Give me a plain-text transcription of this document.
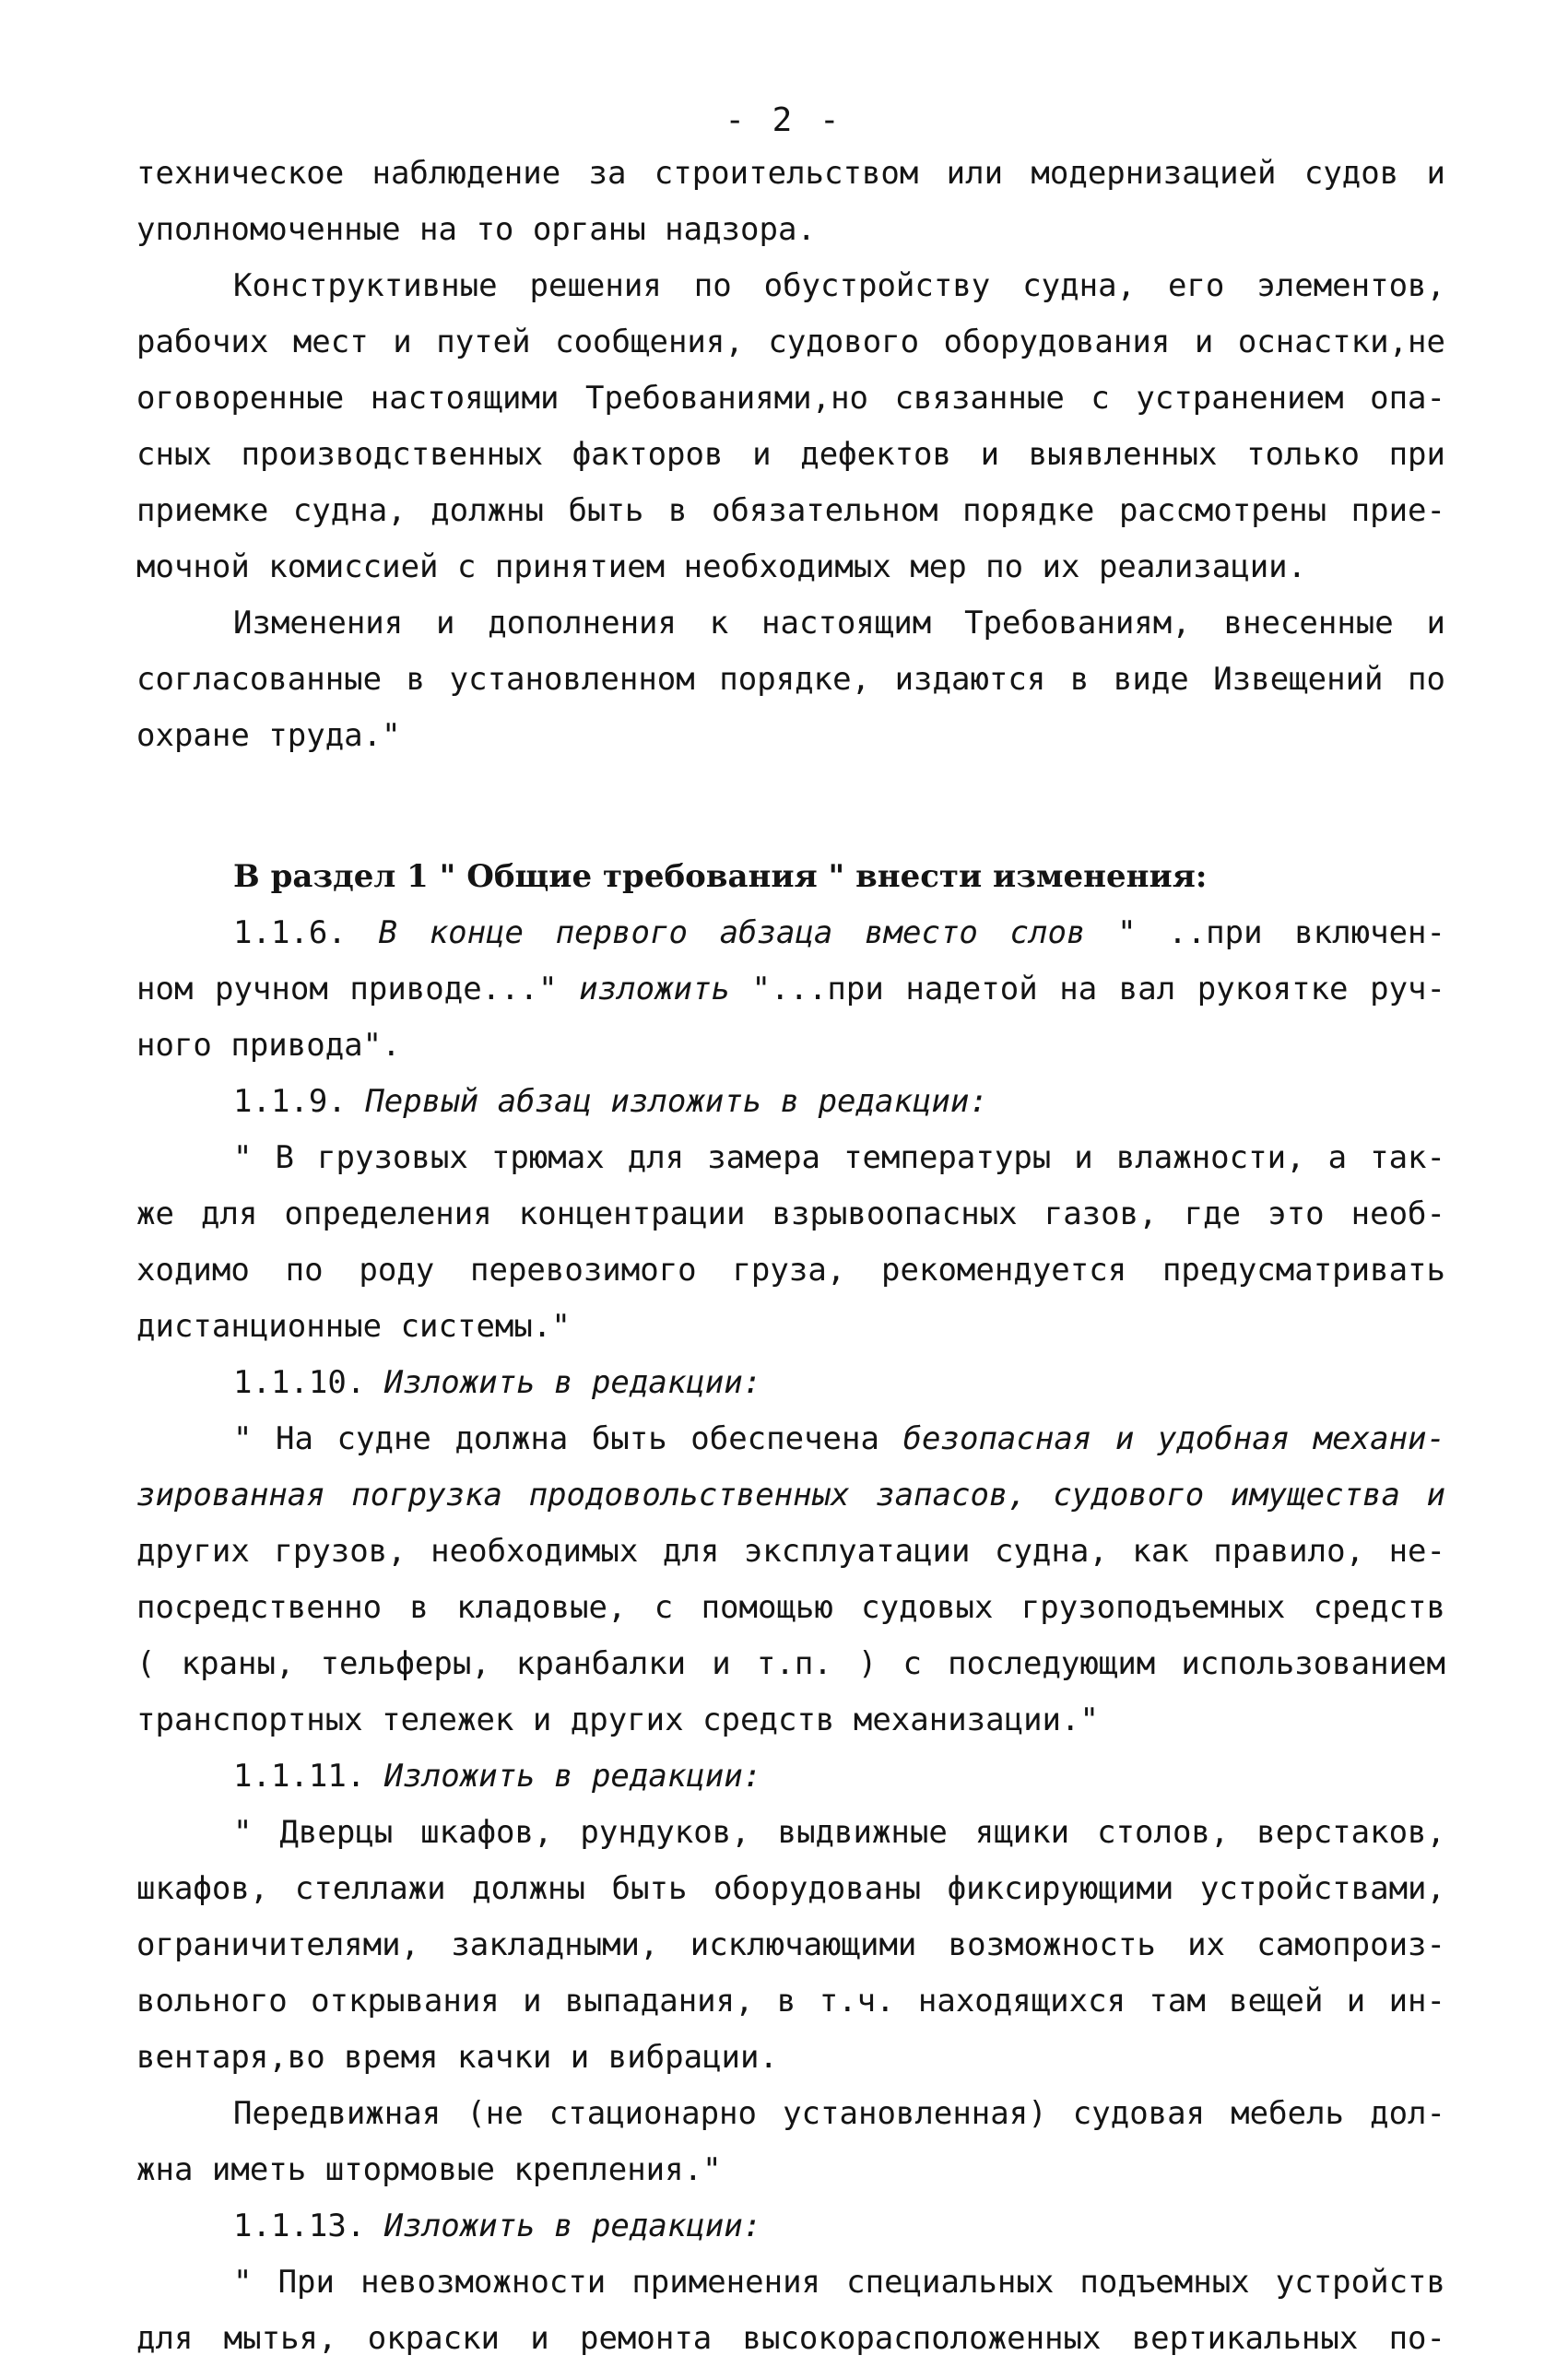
- 2 -
техническое наблюдение за строительством или модернизацией судов и
уполномоченные на то органы надзора.
Конструктивные решения по обустройству судна, его элементов,
рабочих мест и путей сообщения, судового оборудования и оснастки,не
оговоренные настоящими Требованиями,но связанные с устранением опа-
сных производственных факторов и дефектов и выявленных только при
приемке судна, должны быть в обязательном порядке рассмотрены прие-
мочной комиссией с принятием необходимых мер по их реализации.
Изменения и дополнения к настоящим Требованиям, внесенные и
согласованные в установленном порядке, издаются в виде Извещений по
охране труда."
В раздел 1 " Общие требования " внести изменения:
1.1.6. В конце первого абзаца вместо слов " ..при включен-
ном ручном приводе..." изложить "...при надетой на вал рукоятке руч-
ного привода".
1.1.9. Первый абзац изложить в редакции:
" В грузовых трюмах для замера температуры и влажности, а так-
же для определения концентрации взрывоопасных газов, где это необ-
ходимо по роду перевозимого груза, рекомендуется предусматривать
дистанционные системы."
1.1.10. Изложить в редакции:
" На судне должна быть обеспечена безопасная и удобная механи-
зированная погрузка продовольственных запасов, судового имущества и
других грузов, необходимых для эксплуатации судна, как правило, не-
посредственно в кладовые, с помощью судовых грузоподъемных средств
( краны, тельферы, кранбалки и т.п. ) с последующим использованием
транспортных тележек и других средств механизации."
1.1.11. Изложить в редакции:
" Дверцы шкафов, рундуков, выдвижные ящики столов, верстаков,
шкафов, стеллажи должны быть оборудованы фиксирующими устройствами,
ограничителями, закладными, исключающими возможность их самопроиз-
вольного открывания и выпадания, в т.ч. находящихся там вещей и ин-
вентаря,во время качки и вибрации.
Передвижная (не стационарно установленная) судовая мебель дол-
жна иметь штормовые крепления."
1.1.13. Изложить в редакции:
" При невозможности применения специальных подъемных устройств
для мытья, окраски и ремонта высокорасположенных вертикальных по-
